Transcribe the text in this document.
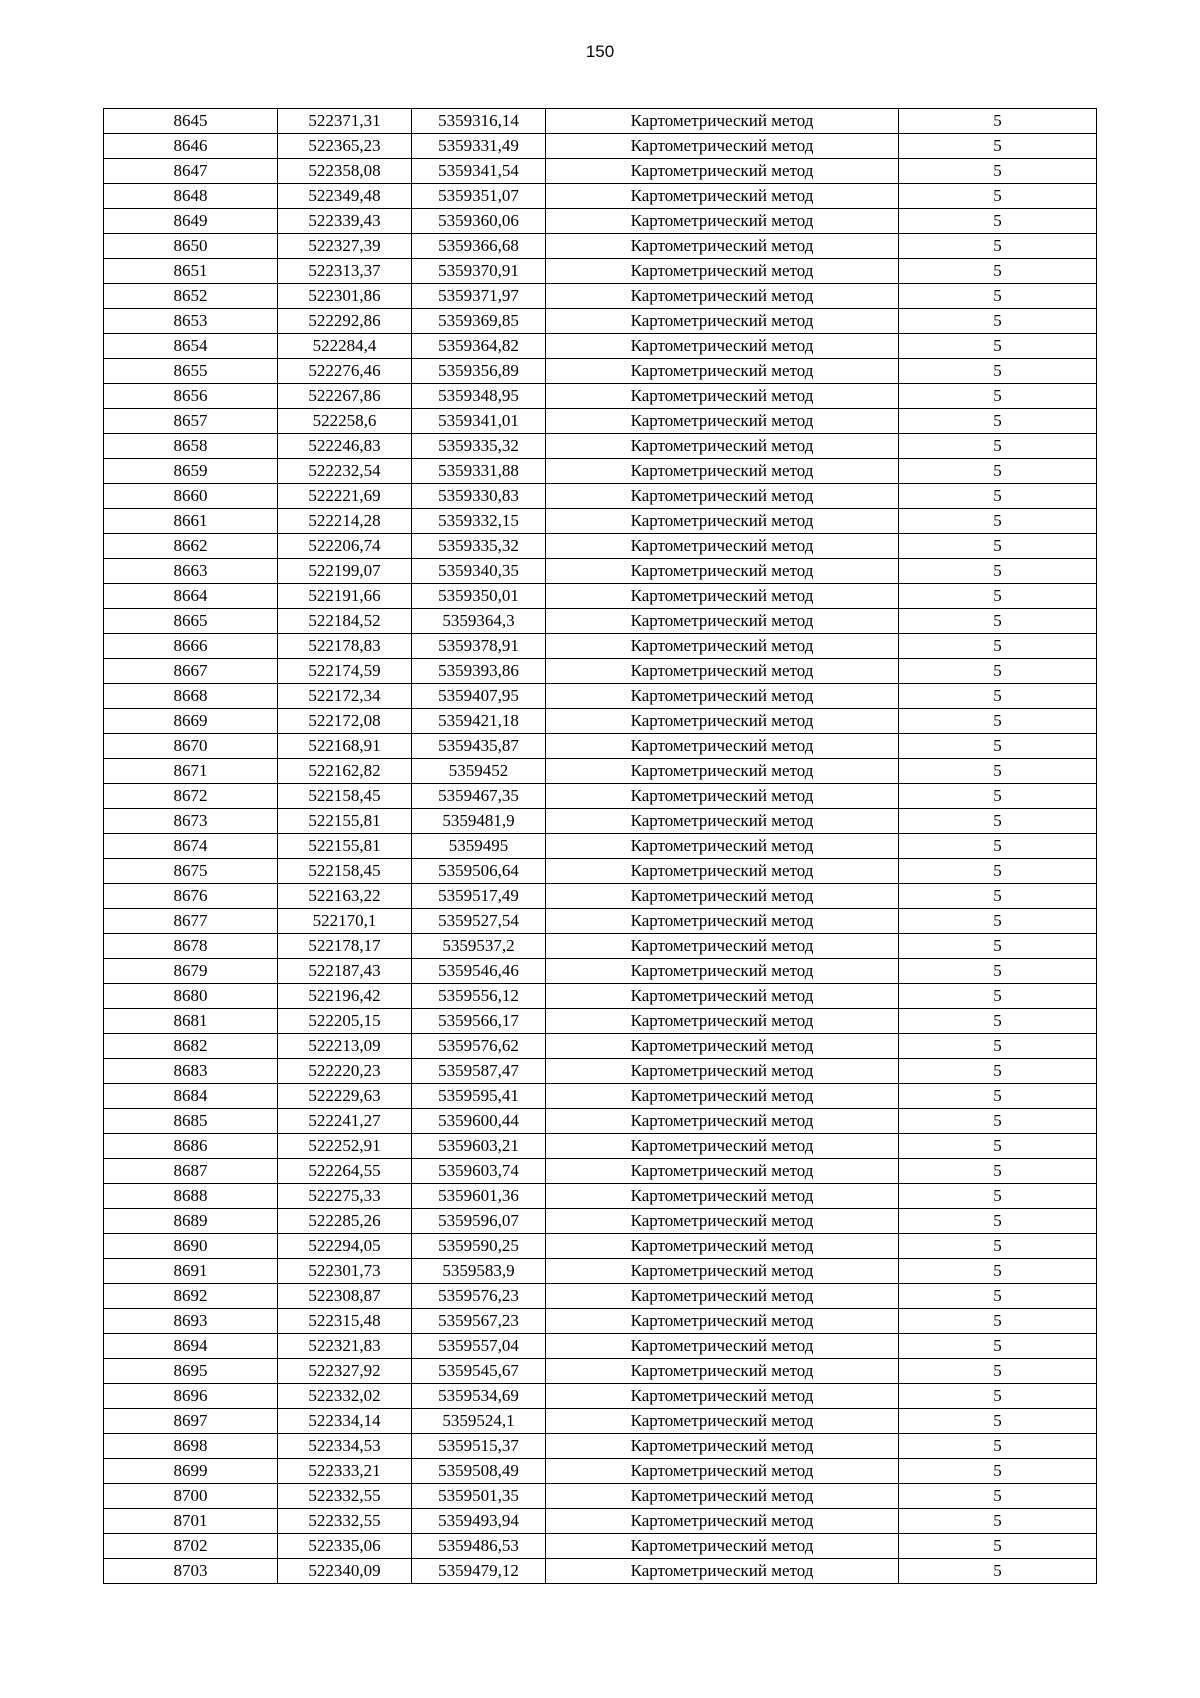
150
8645	522371,31	5359316,14	Картометрический метод	5
8646	522365,23	5359331,49	Картометрический метод	5
8647	522358,08	5359341,54	Картометрический метод	5
8648	522349,48	5359351,07	Картометрический метод	5
8649	522339,43	5359360,06	Картометрический метод	5
8650	522327,39	5359366,68	Картометрический метод	5
8651	522313,37	5359370,91	Картометрический метод	5
8652	522301,86	5359371,97	Картометрический метод	5
8653	522292,86	5359369,85	Картометрический метод	5
8654	522284,4	5359364,82	Картометрический метод	5
8655	522276,46	5359356,89	Картометрический метод	5
8656	522267,86	5359348,95	Картометрический метод	5
8657	522258,6	5359341,01	Картометрический метод	5
8658	522246,83	5359335,32	Картометрический метод	5
8659	522232,54	5359331,88	Картометрический метод	5
8660	522221,69	5359330,83	Картометрический метод	5
8661	522214,28	5359332,15	Картометрический метод	5
8662	522206,74	5359335,32	Картометрический метод	5
8663	522199,07	5359340,35	Картометрический метод	5
8664	522191,66	5359350,01	Картометрический метод	5
8665	522184,52	5359364,3	Картометрический метод	5
8666	522178,83	5359378,91	Картометрический метод	5
8667	522174,59	5359393,86	Картометрический метод	5
8668	522172,34	5359407,95	Картометрический метод	5
8669	522172,08	5359421,18	Картометрический метод	5
8670	522168,91	5359435,87	Картометрический метод	5
8671	522162,82	5359452	Картометрический метод	5
8672	522158,45	5359467,35	Картометрический метод	5
8673	522155,81	5359481,9	Картометрический метод	5
8674	522155,81	5359495	Картометрический метод	5
8675	522158,45	5359506,64	Картометрический метод	5
8676	522163,22	5359517,49	Картометрический метод	5
8677	522170,1	5359527,54	Картометрический метод	5
8678	522178,17	5359537,2	Картометрический метод	5
8679	522187,43	5359546,46	Картометрический метод	5
8680	522196,42	5359556,12	Картометрический метод	5
8681	522205,15	5359566,17	Картометрический метод	5
8682	522213,09	5359576,62	Картометрический метод	5
8683	522220,23	5359587,47	Картометрический метод	5
8684	522229,63	5359595,41	Картометрический метод	5
8685	522241,27	5359600,44	Картометрический метод	5
8686	522252,91	5359603,21	Картометрический метод	5
8687	522264,55	5359603,74	Картометрический метод	5
8688	522275,33	5359601,36	Картометрический метод	5
8689	522285,26	5359596,07	Картометрический метод	5
8690	522294,05	5359590,25	Картометрический метод	5
8691	522301,73	5359583,9	Картометрический метод	5
8692	522308,87	5359576,23	Картометрический метод	5
8693	522315,48	5359567,23	Картометрический метод	5
8694	522321,83	5359557,04	Картометрический метод	5
8695	522327,92	5359545,67	Картометрический метод	5
8696	522332,02	5359534,69	Картометрический метод	5
8697	522334,14	5359524,1	Картометрический метод	5
8698	522334,53	5359515,37	Картометрический метод	5
8699	522333,21	5359508,49	Картометрический метод	5
8700	522332,55	5359501,35	Картометрический метод	5
8701	522332,55	5359493,94	Картометрический метод	5
8702	522335,06	5359486,53	Картометрический метод	5
8703	522340,09	5359479,12	Картометрический метод	5
